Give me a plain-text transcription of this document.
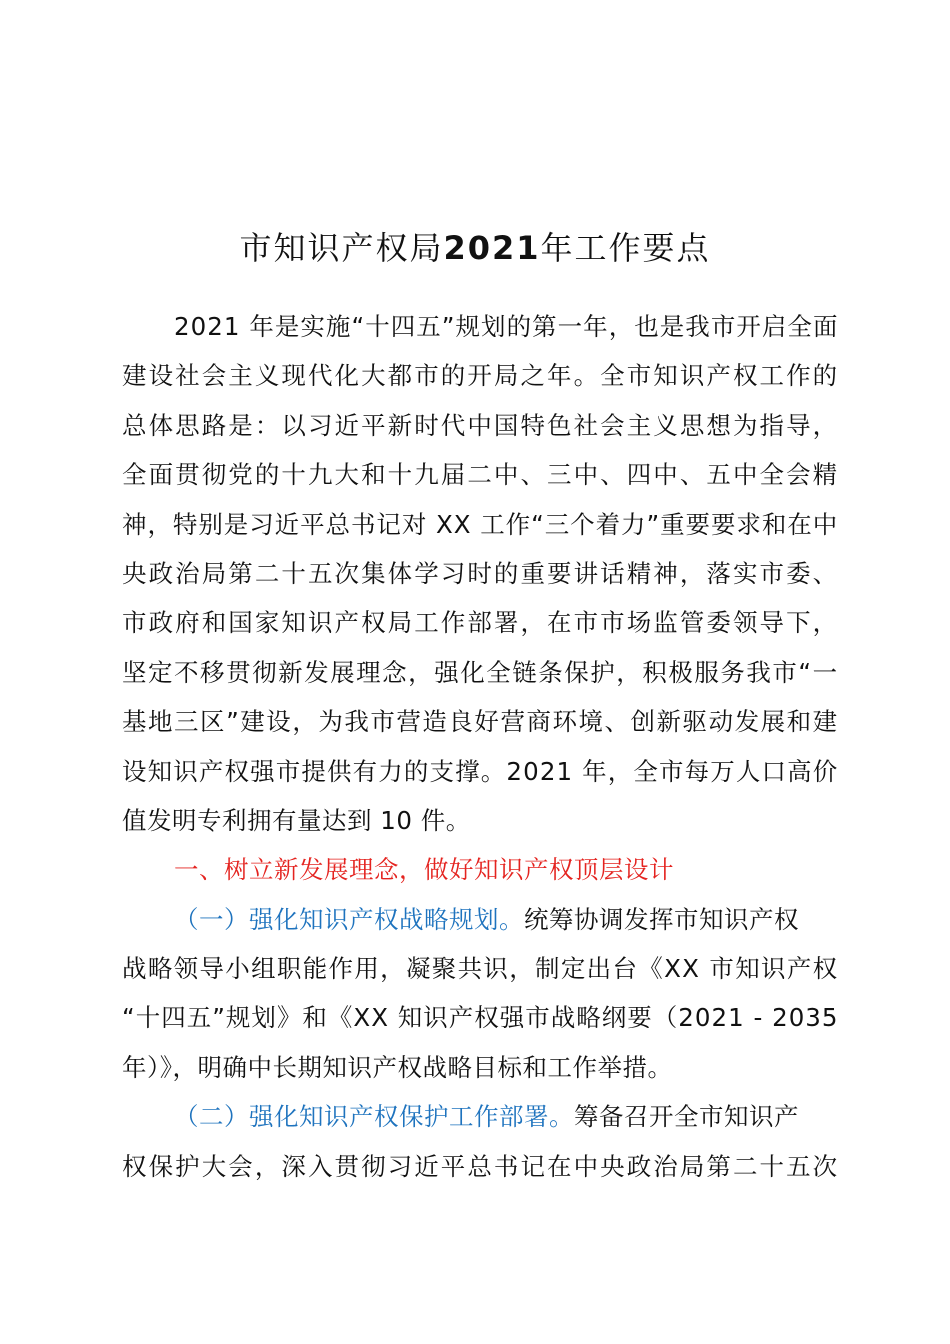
市知识产权局2021年工作要点
2 0 2 1
年 是 实 施 “ 十 四 五 ” 规 划 的 第 一 年 ， 也 是 我 市 开 启 全 面
建 设 社 会 主 义 现 代 化 大 都 市 的 开 局 之 年 。 全 市 知 识 产 权 工 作 的
总 体 思 路 是 ： 以 习 近 平 新 时 代 中 国 特 色 社 会 主 义 思 想 为 指 导 ，
全 面 贯 彻 党 的 十 九 大 和 十 九 届 二 中 、 三 中 、 四 中 、 五 中 全 会 精
神 ， 特 别 是 习 近 平 总 书 记 对
X X
工 作 “ 三 个 着 力 ” 重 要 要 求 和 在 中
央 政 治 局 第 二 十 五 次 集 体 学 习 时 的 重 要 讲 话 精 神 ， 落 实 市 委 、
市 政 府 和 国 家 知 识 产 权 局 工 作 部 署 ， 在 市 市 场 监 管 委 领 导 下 ，
坚 定 不 移 贯 彻 新 发 展 理 念 ， 强 化 全 链 条 保 护 ， 积 极 服 务 我 市 “ 一
基 地 三 区 ” 建 设 ， 为 我 市 营 造 良 好 营 商 环 境 、 创 新 驱 动 发 展 和 建
设 知 识 产 权 强 市 提 供 有 力 的 支 撑 。 2 0 2 1
年 ， 全 市 每 万 人 口 高 价
值发明专利拥有量达到 10 件。
一、树立新发展理念，做好知识产权顶层设计
（一）强化知识产权战略规划。 统筹协调发挥市知识产权
战 略 领 导 小 组 职 能 作 用 ， 凝 聚 共 识 ， 制 定 出 台 《 X X
市 知 识 产 权
“ 十 四 五 ” 规 划 》 和 《 X X
知 识 产 权 强 市 战 略 纲 要 （ 2 0 2 1
-
2 0 3 5
年）》，明确中长期知识产权战略目标和工作举措。
（二）强化知识产权保护工作部署。 筹备召开全市知识产
权 保 护 大 会 ， 深 入 贯 彻 习 近 平 总 书 记 在 中 央 政 治 局 第 二 十 五 次
